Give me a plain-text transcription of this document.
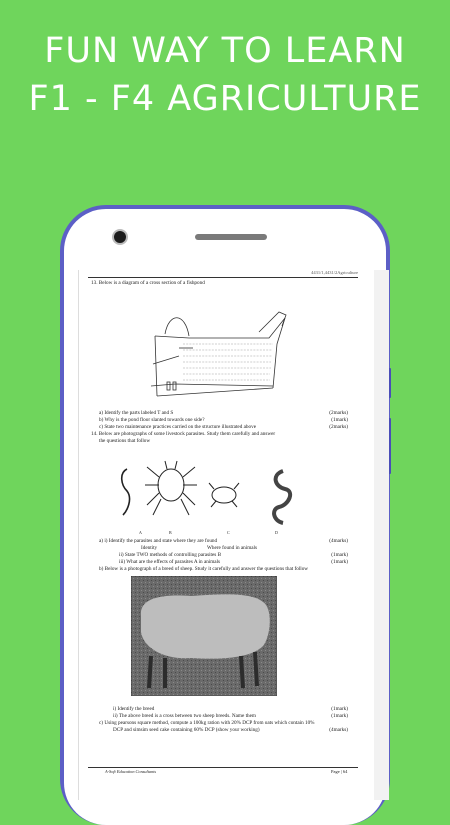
FUN WAY TO LEARN
F1 - F4 AGRICULTURE
4431/1,4431/2Agriculture
13. Below is a diagram of a cross section of a fishpond
a) Identify the parts labeled T and S	(2marks)
b) Why is the pond floor slanted towards one side?	(1mark)
c) State two maintenance practices carried on the structure illustrated above	(2marks)
14. Below are photographs of some livestock parasites. Study them carefully and answer
the questions that follow
A	B	C	D
a) i) Identify the parasites and state where they are found	(4marks)
Identity	Where found in animals
ii) State TWO methods of controlling parasites B	(1mark)
iii) What are the effects of parasites A in animals	(1mark)
b) Below is a photograph of a breed of sheep. Study it carefully and answer the questions that follow
i) Identify the breed	(1mark)
ii) The above breed is a cross between two sheep breeds. Name them	(1mark)
c) Using pearsons square method, compute a 100kg ration with 20% DCP from oats which contain 10%
DCP and simsim seed cake containing 60% DCP (show your working)	(4marks)
A-Soft Education Consultants	Page | 64
